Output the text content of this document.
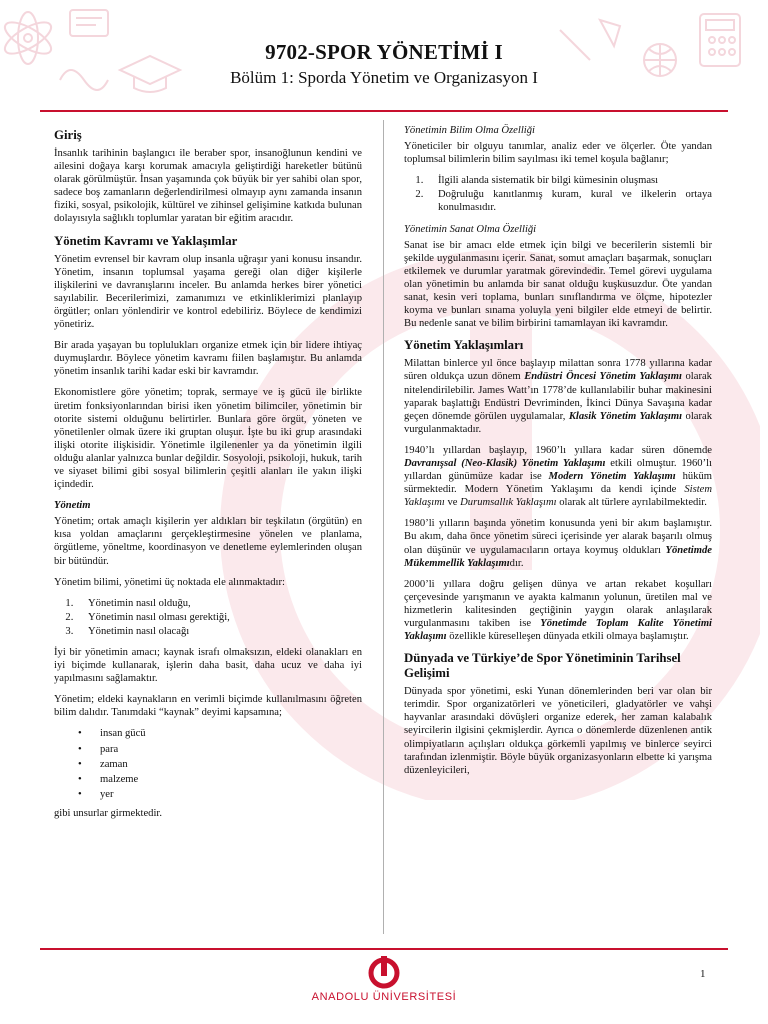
9702-SPOR YÖNETİMİ I
Bölüm 1: Sporda Yönetim ve Organizasyon I
Giriş

İnsanlık tarihinin başlangıcı ile beraber spor, insanoğlunun kendini ve ailesini doğaya karşı korumak amacıyla geliştirdiği hareketler bütünü olarak görülmüştür. İnsan yaşamında çok büyük bir yer sahibi olan spor, sadece boş zamanların değerlendirilmesi olmayıp aynı zamanda insanın fiziki, sosyal, psikolojik, kültürel ve zihinsel gelişimine katkıda bulunan dolayısıyla sağlıklı toplumlar yaratan bir eğitim aracıdır.

Yönetim Kavramı ve Yaklaşımlar

Yönetim evrensel bir kavram olup insanla uğraşır yani konusu insandır. Yönetim, insanın toplumsal yaşama gereği olan diğer kişilerle ilişkilerini ve davranışlarını inceler. Bu anlamda herkes birer yönetici sayılabilir. Becerilerimizi, zamanımızı ve etkinliklerimizi planlayıp örgütler; onları yönlendirir ve kontrol edebiliriz. Böylece de kendimizi yönetiriz.

Bir arada yaşayan bu toplulukları organize etmek için bir lidere ihtiyaç duymuşlardır. Böylece yönetim kavramı fiilen başlamıştır. Bu anlamda yönetim insanlık tarihi kadar eski bir kavramdır.

Ekonomistlere göre yönetim; toprak, sermaye ve iş gücü ile birlikte üretim fonksiyonlarından birisi iken yönetim bilimciler, yönetimin bir otorite sistemi olduğunu belirtirler. Bunlara göre örgüt, yöneten ve yönetilenler olmak üzere iki gruptan oluşur. İşte bu iki grup arasındaki ilişki otorite ilişkisidir. Yönetimle ilgilenenler ya da yönetimin ilgili olduğu alanlar yalnızca bunlar değildir. Sosyoloji, psikoloji, hukuk, tarih ve siyaset bilimi gibi sosyal bilimlerin çeşitli alanları ile yakın ilişki içindedir.

Yönetim

Yönetim; ortak amaçlı kişilerin yer aldıkları bir teşkilatın (örgütün) en kısa yoldan amaçlarını gerçekleştirmesine yönelen ve planlama, örgütleme, yöneltme, koordinasyon ve denetleme eylemlerinden oluşan bir bütündür.

Yönetim bilimi, yönetimi üç noktada ele alınmaktadır:

1. Yönetimin nasıl olduğu,
2. Yönetimin nasıl olması gerektiği,
3. Yönetimin nasıl olacağı

İyi bir yönetimin amacı; kaynak israfı olmaksızın, eldeki olanakları en iyi biçimde kullanarak, işlerin daha basit, daha ucuz ve daha iyi yapılmasını sağlamaktır.

Yönetim; eldeki kaynakların en verimli biçimde kullanılmasını öğreten bilim dalıdır. Tanımdaki “kaynak” deyimi kapsamına;

• insan gücü
• para
• zaman
• malzeme
• yer

gibi unsurlar girmektedir.

Yönetimin Bilim Olma Özelliği

Yöneticiler bir olguyu tanımlar, analiz eder ve ölçerler. Öte yandan toplumsal bilimlerin bilim sayılması iki temel koşula bağlanır;

1. İlgili alanda sistematik bir bilgi kümesinin oluşması
2. Doğruluğu kanıtlanmış kuram, kural ve ilkelerin ortaya konulmasıdır.
Yönetimin Sanat Olma Özelliği

Sanat ise bir amacı elde etmek için bilgi ve becerilerin sistemli bir şekilde uygulanmasını içerir. Sanat, somut amaçları başarmak, sonuçları etkilemek ve durumlar yaratmak görevindedir. Temel görevi uygulama olan yönetimin bu anlamda bir sanat olduğu kuşkusuzdur. Öte yandan sanat, kesin veri toplama, bunları sınıflandırma ve ölçme, hipotezler koyma ve bunları sınama yoluyla yeni bilgiler elde etmeyi de belirtir. Bu nedenle sanat ve bilim birbirini tamamlayan iki kavramdır.

Yönetim Yaklaşımları

Milattan binlerce yıl önce başlayıp milattan sonra 1778 yıllarına kadar süren oldukça uzun dönem Endüstri Öncesi Yönetim Yaklaşımı olarak nitelendirilebilir. James Watt’ın 1778’de kullanılabilir buhar makinesini yaparak başlattığı Endüstri Devriminden, İkinci Dünya Savaşına kadar geçen dönemde görülen uygulamalar, Klasik Yönetim Yaklaşımı olarak vurgulanmaktadır.

1940’lı yıllardan başlayıp, 1960’lı yıllara kadar süren dönemde Davranışsal (Neo-Klasik) Yönetim Yaklaşımı etkili olmuştur. 1960’lı yıllardan günümüze kadar ise Modern Yönetim Yaklaşımı hüküm sürmektedir. Modern Yönetim Yaklaşımı da kendi içinde Sistem Yaklaşımı ve Durumsallık Yaklaşımı olarak alt türlere ayrılabilmektedir.

1980’li yılların başında yönetim konusunda yeni bir akım başlamıştır. Bu akım, daha önce yönetim süreci içerisinde yer alarak başarılı olmuş olan düşünür ve uygulamacıların ortaya koymuş oldukları Yönetimde Mükemmellik Yaklaşımıdır.

2000’li yıllara doğru gelişen dünya ve artan rekabet koşulları çerçevesinde yarışmanın ve ayakta kalmanın yolunun, üretilen mal ve hizmetlerin kalitesinden geçtiğinin yaygın olarak anlaşılarak vurgulanmasını takiben ise Yönetimde Toplam Kalite Yönetimi Yaklaşımı özellikle küreselleşen dünyada etkili olmaya başlamıştır.

Dünyada ve Türkiye’de Spor Yönetiminin Tarihsel Gelişimi

Dünyada spor yönetimi, eski Yunan dönemlerinden beri var olan bir terimdir. Spor organizatörleri ve yöneticileri, gladyatörler ve vahşi hayvanlar arasındaki dövüşleri organize ederek, her zaman kalabalık seyircilerin ilgisini çekmişlerdir. Ayrıca o dönemlerde düzenlenen antik olimpiyatların açılışları oldukça görkemli yapılmış ve binlerce seyirci tarafından izlenmiştir. Böyle büyük organizasyonların elbette ki yarışma düzenleyicileri,

1
ANADOLU ÜNİVERSİTESİ
